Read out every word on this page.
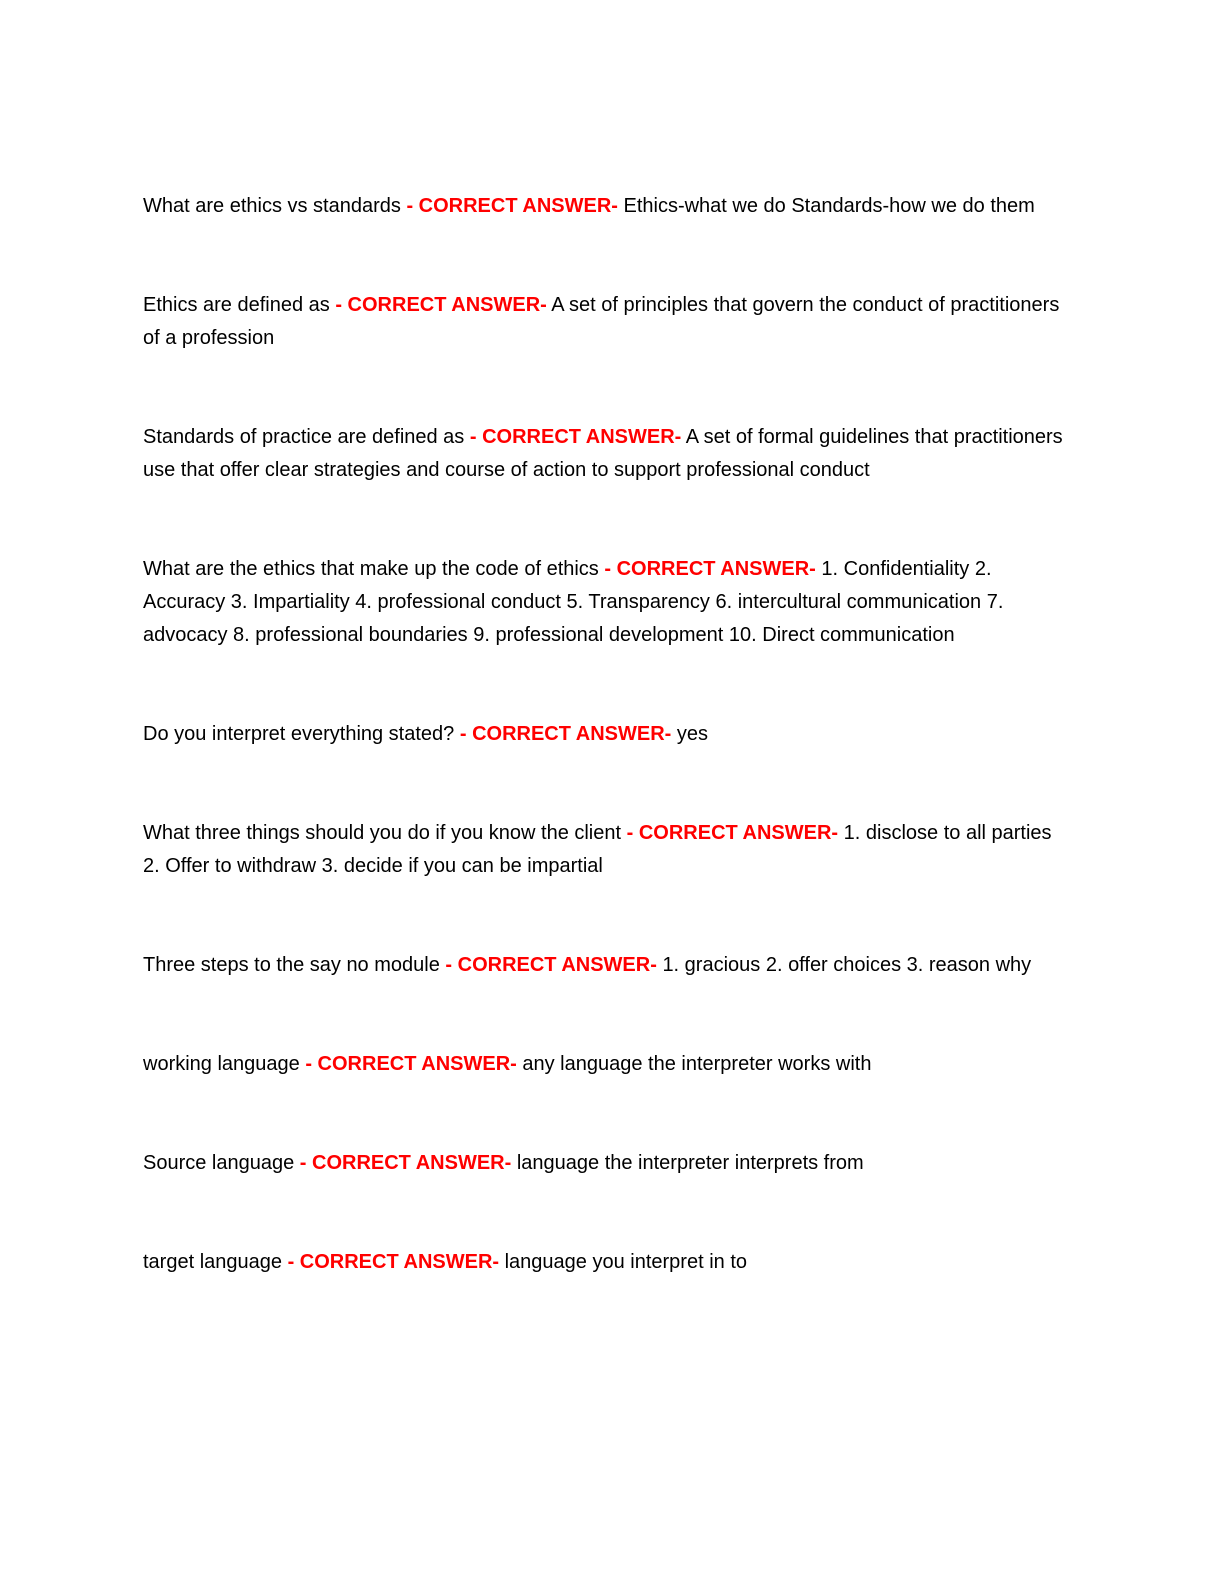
What are ethics vs standards - CORRECT ANSWER- Ethics-what we do Standards-how we do them

Ethics are defined as - CORRECT ANSWER- A set of principles that govern the conduct of practitioners of a profession

Standards of practice are defined as - CORRECT ANSWER- A set of formal guidelines that practitioners use that offer clear strategies and course of action to support professional conduct

What are the ethics that make up the code of ethics - CORRECT ANSWER- 1. Confidentiality 2. Accuracy 3. Impartiality 4. professional conduct 5. Transparency 6. intercultural communication 7. advocacy 8. professional boundaries 9. professional development 10. Direct communication

Do you interpret everything stated? - CORRECT ANSWER- yes

What three things should you do if you know the client - CORRECT ANSWER- 1. disclose to all parties 2. Offer to withdraw 3. decide if you can be impartial

Three steps to the say no module - CORRECT ANSWER- 1. gracious 2. offer choices 3. reason why

working language - CORRECT ANSWER- any language the interpreter works with

Source language - CORRECT ANSWER- language the interpreter interprets from

target language - CORRECT ANSWER- language you interpret in to
